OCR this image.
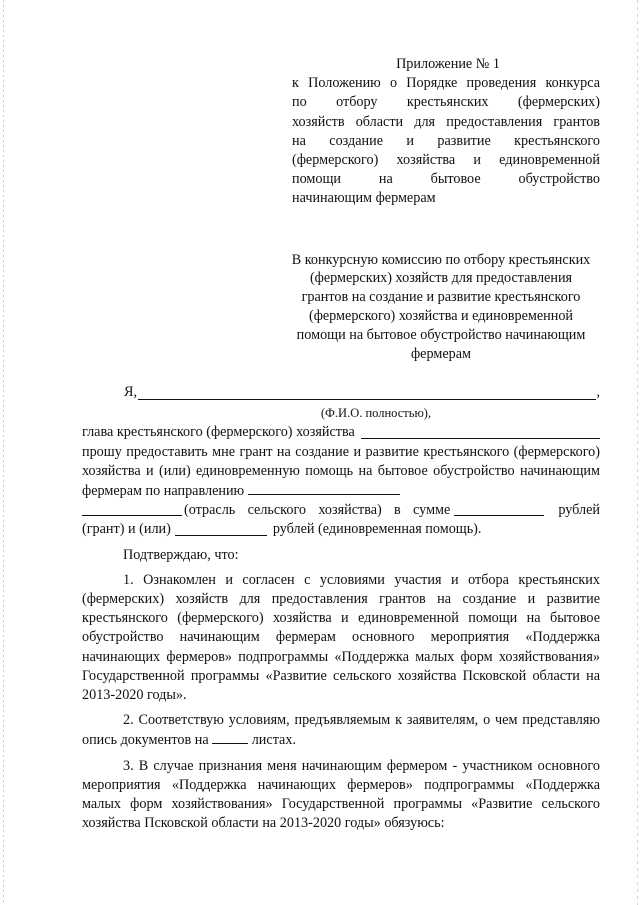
Приложение № 1
к Положению о Порядке проведения конкурса
по отбору крестьянских (фермерских)
хозяйств области для предоставления грантов
на создание и развитие крестьянского
(фермерского) хозяйства и единовременной
помощи на бытовое обустройство
начинающим фермерам
В конкурсную комиссию по отбору крестьянских
(фермерских) хозяйств для предоставления
грантов на создание и развитие крестьянского
(фермерского) хозяйства и единовременной
помощи на бытовое обустройство начинающим
фермерам
Я,	,
(Ф.И.О. полностью),
глава крестьянского (фермерского) хозяйства

прошу предоставить мне грант на создание и развитие крестьянского (фермерского) хозяйства и (или) единовременную помощь на бытовое обустройство начинающим фермерам по направлению

(отрасль сельского хозяйства) в сумме	рублей
(грант) и (или)	рублей (единовременная помощь).

Подтверждаю, что:

1. Ознакомлен и согласен с условиями участия и отбора крестьянских (фермерских) хозяйств для предоставления грантов на создание и развитие крестьянского (фермерского) хозяйства и единовременной помощи на бытовое обустройство начинающим фермерам основного мероприятия «Поддержка начинающих фермеров» подпрограммы «Поддержка малых форм хозяйствования» Государственной программы «Развитие сельского хозяйства Псковской области на 2013-2020 годы».

2. Соответствую условиям, предъявляемым к заявителям, о чем представляю опись документов на	листах.

3. В случае признания меня начинающим фермером - участником основного мероприятия «Поддержка начинающих фермеров» подпрограммы «Поддержка малых форм хозяйствования» Государственной программы «Развитие сельского хозяйства Псковской области на 2013-2020 годы» обязуюсь:
